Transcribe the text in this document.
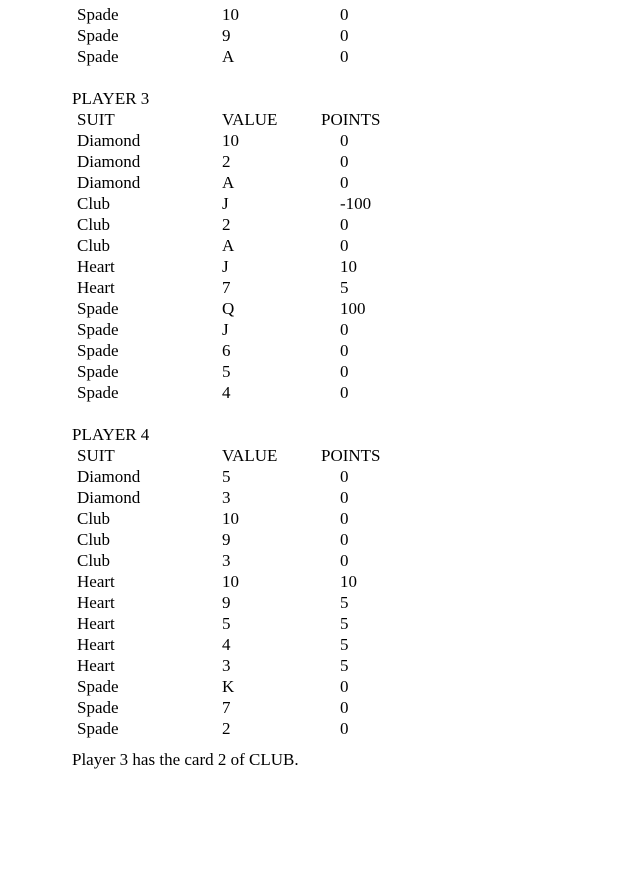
Spade	10	0
Spade	9	0
Spade	A	0
PLAYER 3
SUIT	VALUE	POINTS
Diamond	10	0
Diamond	2	0
Diamond	A	0
Club	J	-100
Club	2	0
Club	A	0
Heart	J	10
Heart	7	5
Spade	Q	100
Spade	J	0
Spade	6	0
Spade	5	0
Spade	4	0
PLAYER 4
SUIT	VALUE	POINTS
Diamond	5	0
Diamond	3	0
Club	10	0
Club	9	0
Club	3	0
Heart	10	10
Heart	9	5
Heart	5	5
Heart	4	5
Heart	3	5
Spade	K	0
Spade	7	0
Spade	2	0
Player 3 has the card 2 of CLUB.
